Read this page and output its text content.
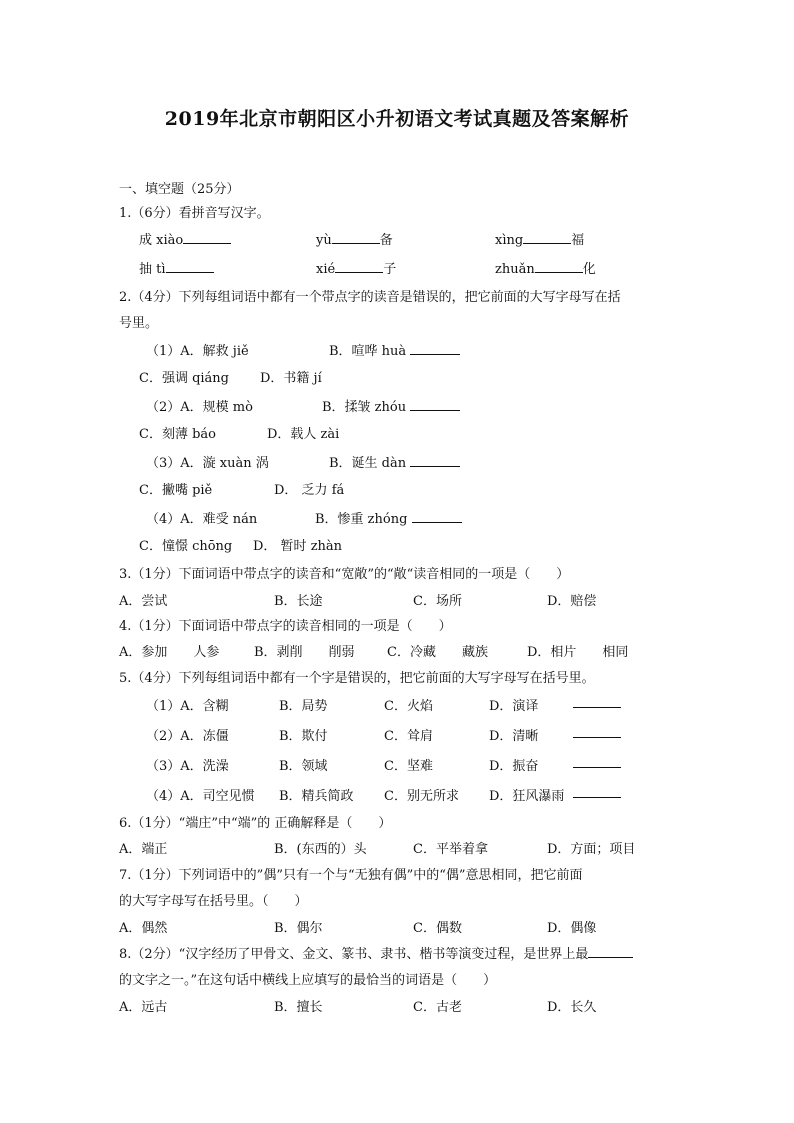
2019年北京市朝阳区小升初语文考试真题及答案解析
一、填空题（25分）
1.（6分）看拼音写汉字。
成 xiào	yù	备	xìng	福
抽 tì	xié	子	zhuǎn	化
2.（4分）下列每组词语中都有一个带点字的读音是错误的，把它前面的大写字母写在括
号里。
（1）A．解救 jiě	B．喧哗 huà
C．强调 qiáng D．书籍 jí
（2）A．规模 mò	B．揉皱 zhóu
C．刻薄 báo	D．载人 zài
（3）A．漩 xuàn 涡	B．诞生 dàn
C．撇嘴 piě	D． 乏力 fá
（4）A．难受 nán	B．惨重 zhóng
C．憧憬 chōng D． 暂时 zhàn
3.（1分）下面词语中带点字的读音和“宽敞”的“敞“读音相同的一项是（　　）
A．尝试	B．长途	C．场所	D．赔偿
4.（1分）下面词语中带点字的读音相同的一项是（　　）
A．参加　　人参	B．剥削　　削弱 C．冷藏　　藏族	D．相片　　相同
5.（4分）下列每组词语中都有一个字是错误的，把它前面的大写字母写在括号里。
（1）A．含糊	B．局势	C．火焰	D．演译
（2）A．冻僵	B．欺付	C．耸肩	D．清晰
（3）A．洗澡	B．领域	C．坚难	D．振奋
（4）A．司空见惯 B．精兵简政 C．别无所求 D．狂风瀑雨
6.（1分）“端庄”中“端”的 正确解释是（　　）
A．端正	B．(东西的）头	C．平举着拿	D．方面；项目
7.（1分）下列词语中的”偶”只有一个与“无独有偶”中的“偶”意思相同，把它前面
的大写字母写在括号里。（　　）
A．偶然	B．偶尔	C．偶数	D．偶像
8.（2分）“汉字经历了甲骨文、金文、篆书、隶书、楷书等演变过程，是世界上最
的文字之一。”在这句话中横线上应填写的最恰当的词语是（　　）
A．远古	B．擅长	C．古老	D．长久
